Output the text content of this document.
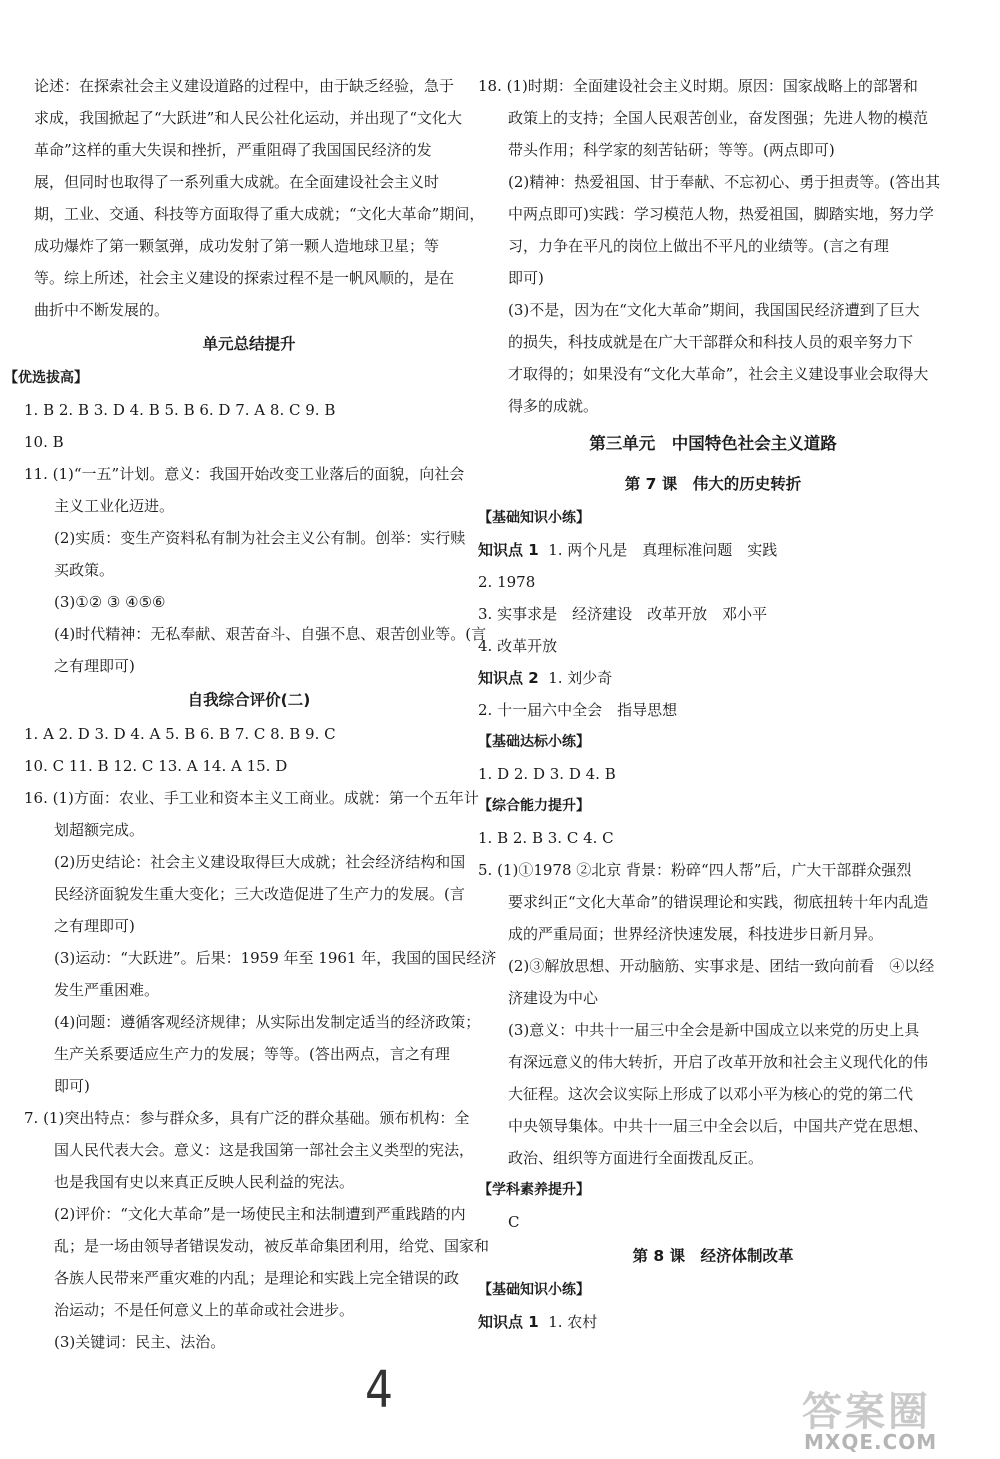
论述：在探索社会主义建设道路的过程中，由于缺乏经验，急于
求成，我国掀起了“大跃进”和人民公社化运动，并出现了“文化大
革命”这样的重大失误和挫折，严重阻碍了我国国民经济的发
展，但同时也取得了一系列重大成就。在全面建设社会主义时
期，工业、交通、科技等方面取得了重大成就；“文化大革命”期间，
成功爆炸了第一颗氢弹，成功发射了第一颗人造地球卫星；等
等。综上所述，社会主义建设的探索过程不是一帆风顺的，是在
曲折中不断发展的。
单元总结提升
【优选拔高】
1. B 2. B 3. D 4. B 5. B 6. D 7. A 8. C 9. B
10. B
11. (1)“一五”计划。意义：我国开始改变工业落后的面貌，向社会
主义工业化迈进。
(2)实质：变生产资料私有制为社会主义公有制。创举：实行赎
买政策。
(3)①② ③ ④⑤⑥
(4)时代精神：无私奉献、艰苦奋斗、自强不息、艰苦创业等。(言
之有理即可)
自我综合评价(二)
1. A 2. D 3. D 4. A 5. B 6. B 7. C 8. B 9. C
10. C 11. B 12. C 13. A 14. A 15. D
16. (1)方面：农业、手工业和资本主义工商业。成就：第一个五年计
划超额完成。
(2)历史结论：社会主义建设取得巨大成就；社会经济结构和国
民经济面貌发生重大变化；三大改造促进了生产力的发展。(言
之有理即可)
(3)运动：“大跃进”。后果：1959 年至 1961 年，我国的国民经济
发生严重困难。
(4)问题：遵循客观经济规律；从实际出发制定适当的经济政策；
生产关系要适应生产力的发展；等等。(答出两点，言之有理
即可)
7. (1)突出特点：参与群众多，具有广泛的群众基础。颁布机构：全
国人民代表大会。意义：这是我国第一部社会主义类型的宪法，
也是我国有史以来真正反映人民利益的宪法。
(2)评价：“文化大革命”是一场使民主和法制遭到严重践踏的内
乱；是一场由领导者错误发动，被反革命集团利用，给党、国家和
各族人民带来严重灾难的内乱；是理论和实践上完全错误的政
治运动；不是任何意义上的革命或社会进步。
(3)关键词：民主、法治。
18. (1)时期：全面建设社会主义时期。原因：国家战略上的部署和
政策上的支持；全国人民艰苦创业，奋发图强；先进人物的模范
带头作用；科学家的刻苦钻研；等等。(两点即可)
(2)精神：热爱祖国、甘于奉献、不忘初心、勇于担责等。(答出其
中两点即可)实践：学习模范人物，热爱祖国，脚踏实地，努力学
习，力争在平凡的岗位上做出不平凡的业绩等。(言之有理
即可)
(3)不是，因为在“文化大革命”期间，我国国民经济遭到了巨大
的损失，科技成就是在广大干部群众和科技人员的艰辛努力下
才取得的；如果没有“文化大革命”，社会主义建设事业会取得大
得多的成就。
第三单元　中国特色社会主义道路
第 7 课　伟大的历史转折
【基础知识小练】
知识点 1 1. 两个凡是　真理标准问题　实践
2. 1978
3. 实事求是　经济建设　改革开放　邓小平
4. 改革开放
知识点 2 1. 刘少奇
2. 十一届六中全会　指导思想
【基础达标小练】
1. D 2. D 3. D 4. B
【综合能力提升】
1. B 2. B 3. C 4. C
5. (1)①1978 ②北京 背景：粉碎“四人帮”后，广大干部群众强烈
要求纠正“文化大革命”的错误理论和实践，彻底扭转十年内乱造
成的严重局面；世界经济快速发展，科技进步日新月异。
(2)③解放思想、开动脑筋、实事求是、团结一致向前看　④以经
济建设为中心
(3)意义：中共十一届三中全会是新中国成立以来党的历史上具
有深远意义的伟大转折，开启了改革开放和社会主义现代化的伟
大征程。这次会议实际上形成了以邓小平为核心的党的第二代
中央领导集体。中共十一届三中全会以后，中国共产党在思想、
政治、组织等方面进行全面拨乱反正。
【学科素养提升】
C
第 8 课　经济体制改革
【基础知识小练】
知识点 1 1. 农村
4	答案圈
MXQE.COM
